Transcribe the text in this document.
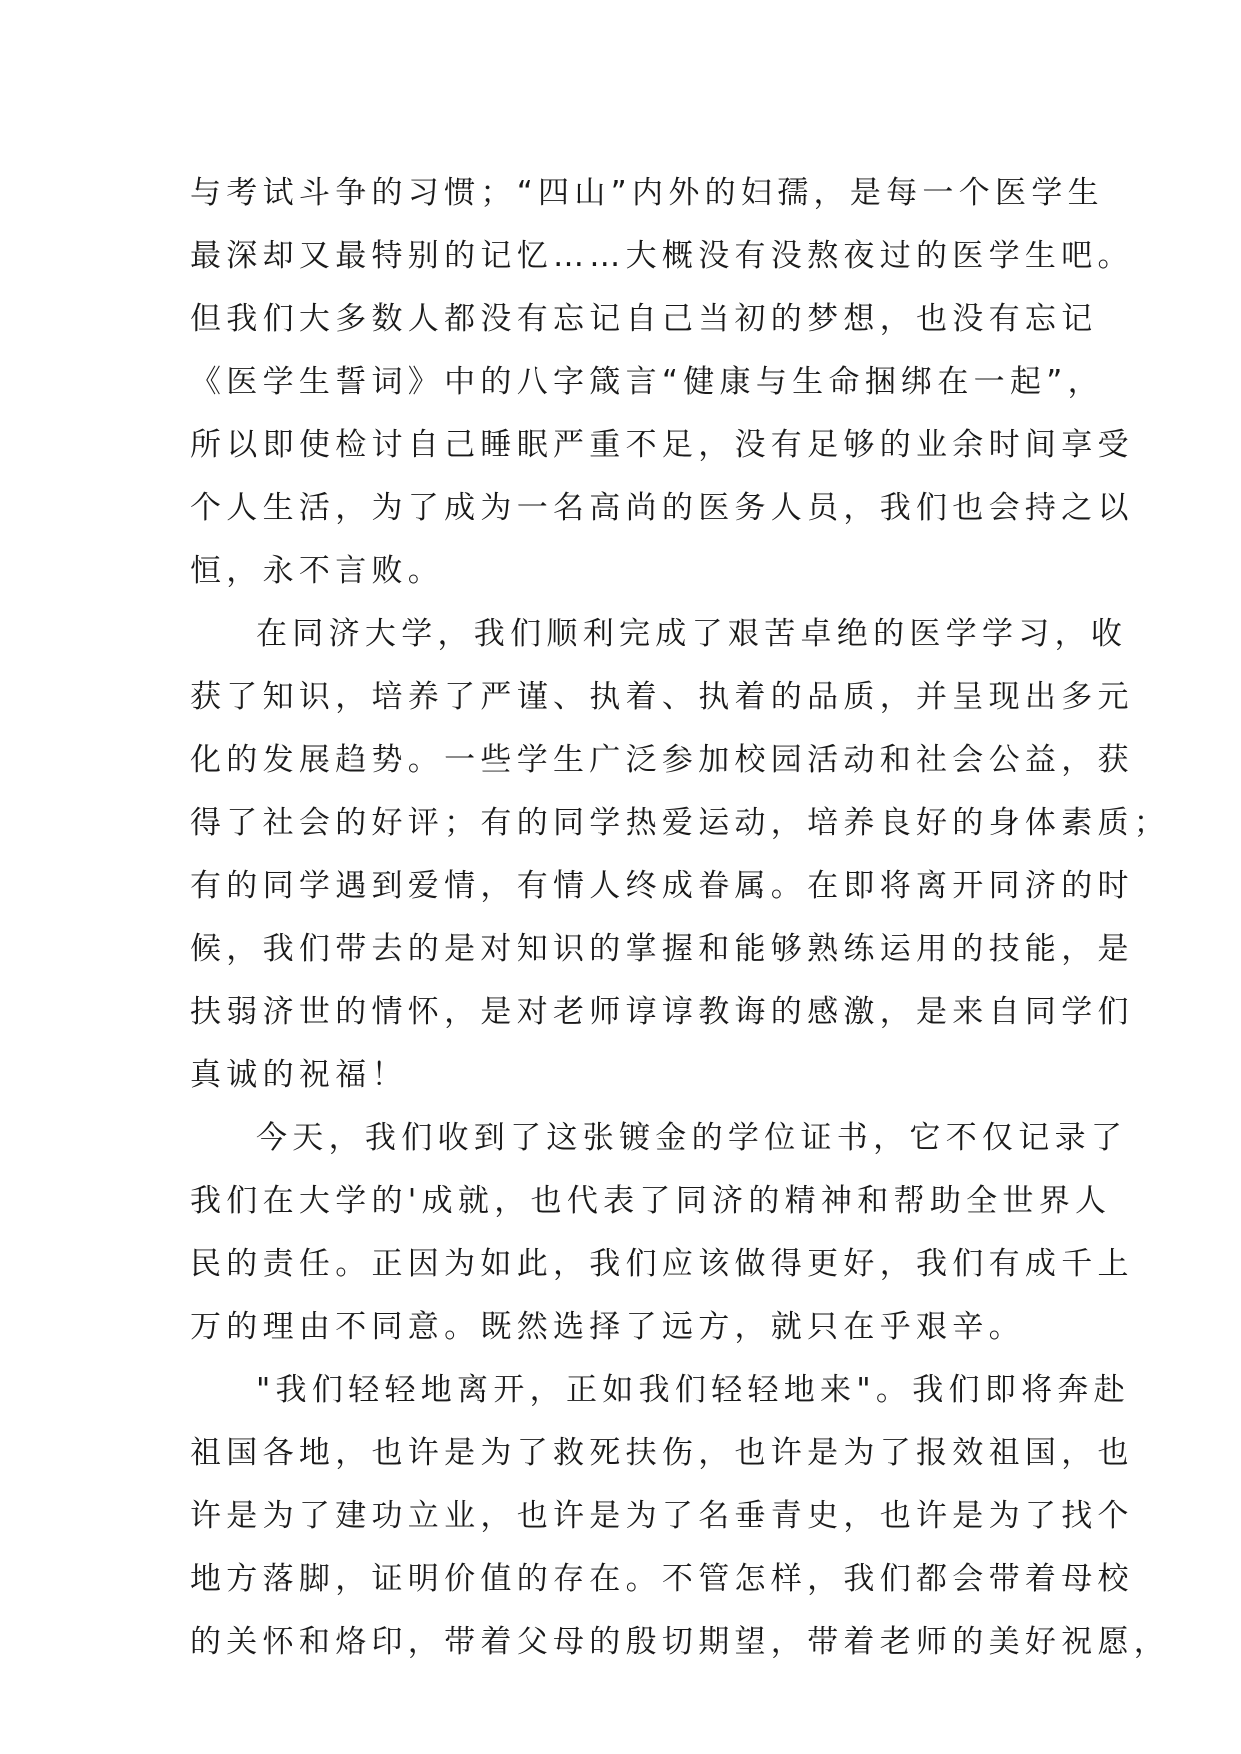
与考试斗争的习惯；“四山”内外的妇孺，是每一个医学生
最深却又最特别的记忆……大概没有没熬夜过的医学生吧。
但我们大多数人都没有忘记自己当初的梦想，也没有忘记
《医学生誓词》中的八字箴言“健康与生命捆绑在一起”，
所以即使检讨自己睡眠严重不足，没有足够的业余时间享受
个人生活，为了成为一名高尚的医务人员，我们也会持之以
恒，永不言败。
在同济大学，我们顺利完成了艰苦卓绝的医学学习，收
获了知识，培养了严谨、执着、执着的品质，并呈现出多元
化的发展趋势。一些学生广泛参加校园活动和社会公益，获
得了社会的好评；有的同学热爱运动，培养良好的身体素质；
有的同学遇到爱情，有情人终成眷属。在即将离开同济的时
候，我们带去的是对知识的掌握和能够熟练运用的技能，是
扶弱济世的情怀，是对老师谆谆教诲的感激，是来自同学们
真诚的祝福！
今天，我们收到了这张镀金的学位证书，它不仅记录了
我们在大学的'成就，也代表了同济的精神和帮助全世界人
民的责任。正因为如此，我们应该做得更好，我们有成千上
万的理由不同意。既然选择了远方，就只在乎艰辛。
"我们轻轻地离开，正如我们轻轻地来"。我们即将奔赴
祖国各地，也许是为了救死扶伤，也许是为了报效祖国，也
许是为了建功立业，也许是为了名垂青史，也许是为了找个
地方落脚，证明价值的存在。不管怎样，我们都会带着母校
的关怀和烙印，带着父母的殷切期望，带着老师的美好祝愿，
